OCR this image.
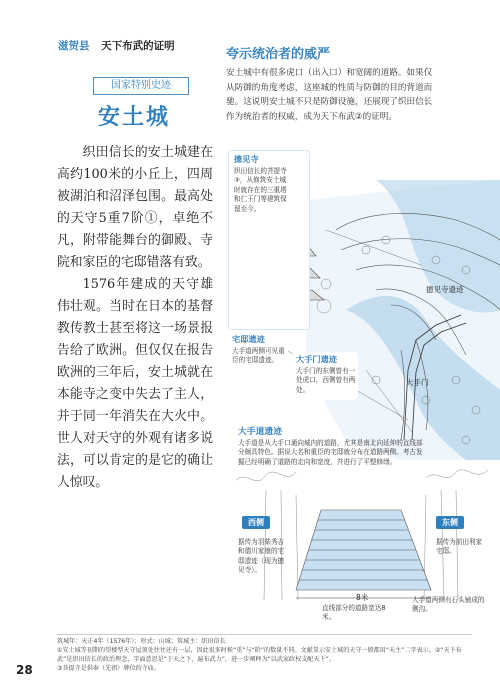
滋贺县 天下布武的证明
国家特别史迹
安土城

织田信长的安土城建在高约100米的小丘上，四周被湖泊和沼泽包围。最高处的天守5重7阶①，卓绝不凡，附带能舞台的御殿、寺院和家臣的宅邸错落有致。

1576年建成的天守雄伟壮观。当时在日本的基督教传教士甚至将这一场景报告给了欧洲。但仅仅在报告欧洲的三年后，安土城就在本能寺之变中失去了主人，并于同一年消失在大火中。世人对天守的外观有诸多说法，可以肯定的是它的确让人惊叹。

夸示统治者的威严
安土城中有很多虎口（出入口）和宽阔的道路。如果仅从防御的角度考虑，这座城的性质与防御的目的背道而驰。这说明安土城不只是防御设施，还展现了织田信长作为统治者的权威，成为天下布武②的证明。
摠见寺遗迹
大手门
摠见寺
织田信长的菩提寺③，从修筑安土城时就存在的三重塔和仁王门等建筑保留至今。
宅邸遗迹
大手道两侧可见重臣的宅邸遗迹。	大手门遗迹
大手门的东侧曾有一处虎口，西侧曾有两处。
大手道遗迹
大手道是从大手口通向城内的道路，尤其是南北向延伸的直线部分颇具特色。据说大名和重臣的宅邸就分布在道路两侧。考古发掘已经明确了道路的走向和宽度，并进行了平整修缮。
西侧
据传为羽柴秀吉和德川家康的宅邸遗迹（现为摠见寺）。
东侧
据传为前田利家宅邸。
8米
直线部分的道路宽达8米。
大手道两侧有石头铺成的侧沟。
筑城年：天正4年（1576年）；形式：山城；筑城主：织田信长
①安土城等初期的望楼型天守屋顶处往往还有一层，因此很多时候“重”与“阶”的数量不同。文献显示安土城的天守一般都用“天主”二字表示。②“天下布武”是织田信长的政治理念，字面意思是“于天之下，遍布武力”，进一步阐释为“以武家政权支配天下”。
③菩提寺是供奉（先祖）牌位的寺庙。
28
